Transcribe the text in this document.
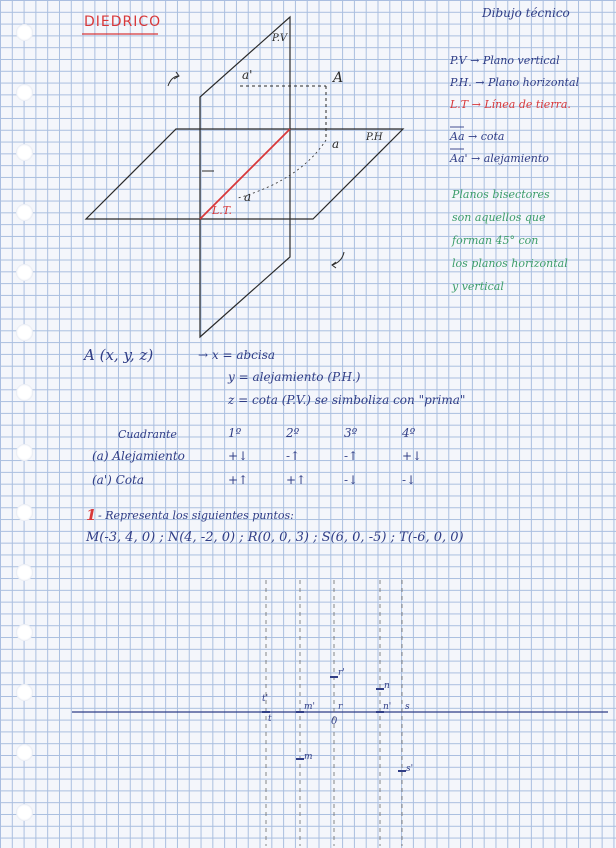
DIEDRICO
Dibujo técnico
P.V
P.H
A
a'
a
a
L.T.
P.V → Plano vertical
P.H. → Plano horizontal
L.T → Línea de tierra.
Aa → cota
Aa' → alejamiento
Planos bisectores
son aquellos que
forman 45° con
los planos horizontal
y vertical
A (x, y, z)	→ x = abcisa
y = alejamiento (P.H.)
z = cota (P.V.) se simboliza con "prima"
Cuadrante	1º	2º	3º	4º
(a) Alejamiento	+↓	-↑	-↑	+↓
(a') Cota	+↑	+↑	-↓	-↓
1 - Representa los siguientes puntos:
M(-3, 4, 0) ; N(4, -2, 0) ; R(0, 0, 3) ; S(6, 0, -5) ; T(-6, 0, 0)
t'
t
m'
0
r'
r
n
n' s
s'
m
